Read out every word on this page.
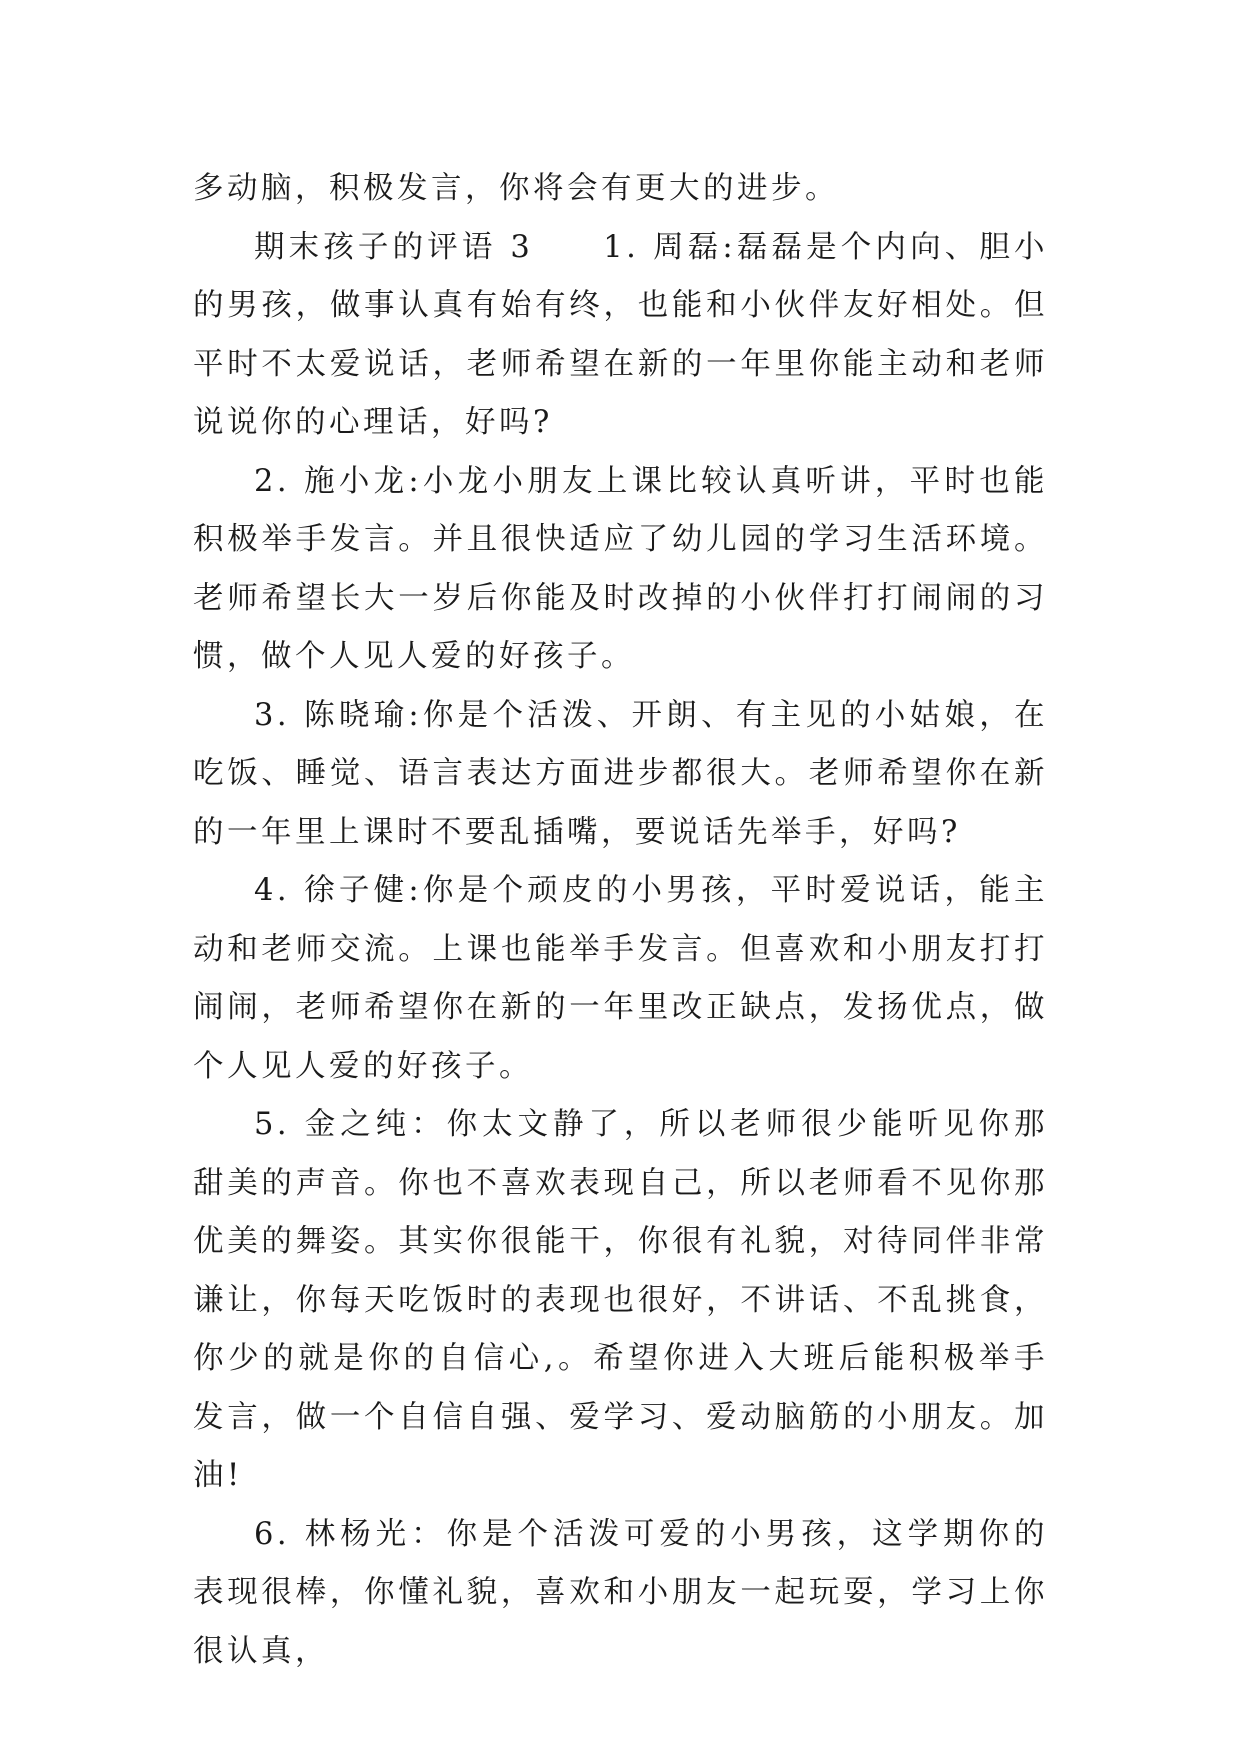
多动脑，积极发言，你将会有更大的进步。

期末孩子的评语 3　　1. 周磊:磊磊是个内向、胆小的男孩，做事认真有始有终，也能和小伙伴友好相处。但平时不太爱说话，老师希望在新的一年里你能主动和老师说说你的心理话，好吗?

2. 施小龙:小龙小朋友上课比较认真听讲，平时也能积极举手发言。并且很快适应了幼儿园的学习生活环境。老师希望长大一岁后你能及时改掉的小伙伴打打闹闹的习惯，做个人见人爱的好孩子。

3. 陈晓瑜:你是个活泼、开朗、有主见的小姑娘，在吃饭、睡觉、语言表达方面进步都很大。老师希望你在新的一年里上课时不要乱插嘴，要说话先举手，好吗?

4. 徐子健:你是个顽皮的小男孩，平时爱说话，能主动和老师交流。上课也能举手发言。但喜欢和小朋友打打闹闹，老师希望你在新的一年里改正缺点，发扬优点，做个人见人爱的好孩子。

5. 金之纯：你太文静了，所以老师很少能听见你那甜美的声音。你也不喜欢表现自己，所以老师看不见你那优美的舞姿。其实你很能干，你很有礼貌，对待同伴非常谦让，你每天吃饭时的表现也很好，不讲话、不乱挑食，你少的就是你的自信心,。希望你进入大班后能积极举手发言，做一个自信自强、爱学习、爱动脑筋的小朋友。加油!

6. 林杨光：你是个活泼可爱的小男孩，这学期你的表现很棒，你懂礼貌，喜欢和小朋友一起玩耍，学习上你很认真，
